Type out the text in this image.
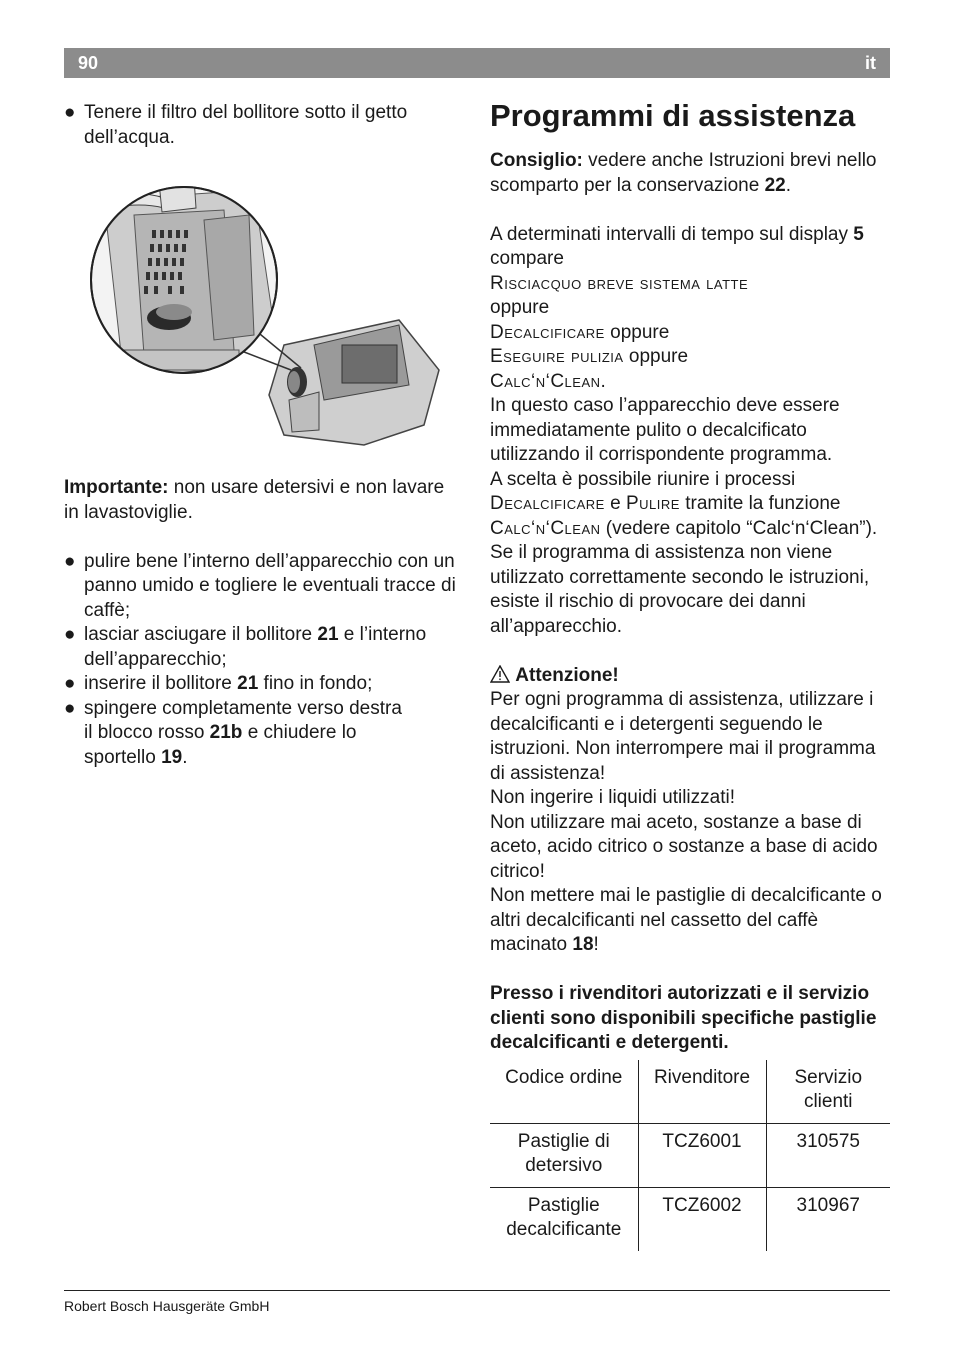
90	it
● Tenere il filtro del bollitore sotto il getto dell’acqua.
Importante: non usare detersivi e non lavare in lavastoviglie.
● pulire bene l’interno dell’apparecchio con un panno umido e togliere le eventuali tracce di caffè;
● lasciar asciugare il bollitore 21 e l’interno dell’apparecchio;
● inserire il bollitore 21 fino in fondo;
● spingere completamente verso destra il blocco rosso 21b e chiudere lo sportello 19.
Programmi di assistenza
Consiglio: vedere anche Istruzioni brevi nello scomparto per la conservazione 22.
A determinati intervalli di tempo sul display 5 compare
Risciacquo breve sistema latte
oppure
Decalcificare oppure
Eseguire pulizia oppure
Calc‘n‘Clean.
In questo caso l’apparecchio deve essere immediatamente pulito o decalcificato utilizzando il corrispondente programma.
A scelta è possibile riunire i processi Decalcificare e Pulire tramite la funzione Calc‘n‘Clean (vedere capitolo “Calc‘n‘Clean”).
Se il programma di assistenza non viene utilizzato correttamente secondo le istruzioni, esiste il rischio di provocare dei danni all’apparecchio.
Attenzione!
Per ogni programma di assistenza, utilizzare i decalcificanti e i detergenti seguendo le istruzioni. Non interrompere mai il programma di assistenza!
Non ingerire i liquidi utilizzati!
Non utilizzare mai aceto, sostanze a base di aceto, acido citrico o sostanze a base di acido citrico!
Non mettere mai le pastiglie di decalcificante o altri decalcificanti nel cassetto del caffè macinato 18!
Presso i rivenditori autorizzati e il servizio clienti sono disponibili specifiche pastiglie decalcificanti e detergenti.
Codice ordine	Rivenditore	Servizio clienti
Pastiglie di detersivo	TCZ6001	310575
Pastiglie decalcificante	TCZ6002	310967
Robert Bosch Hausgeräte GmbH
